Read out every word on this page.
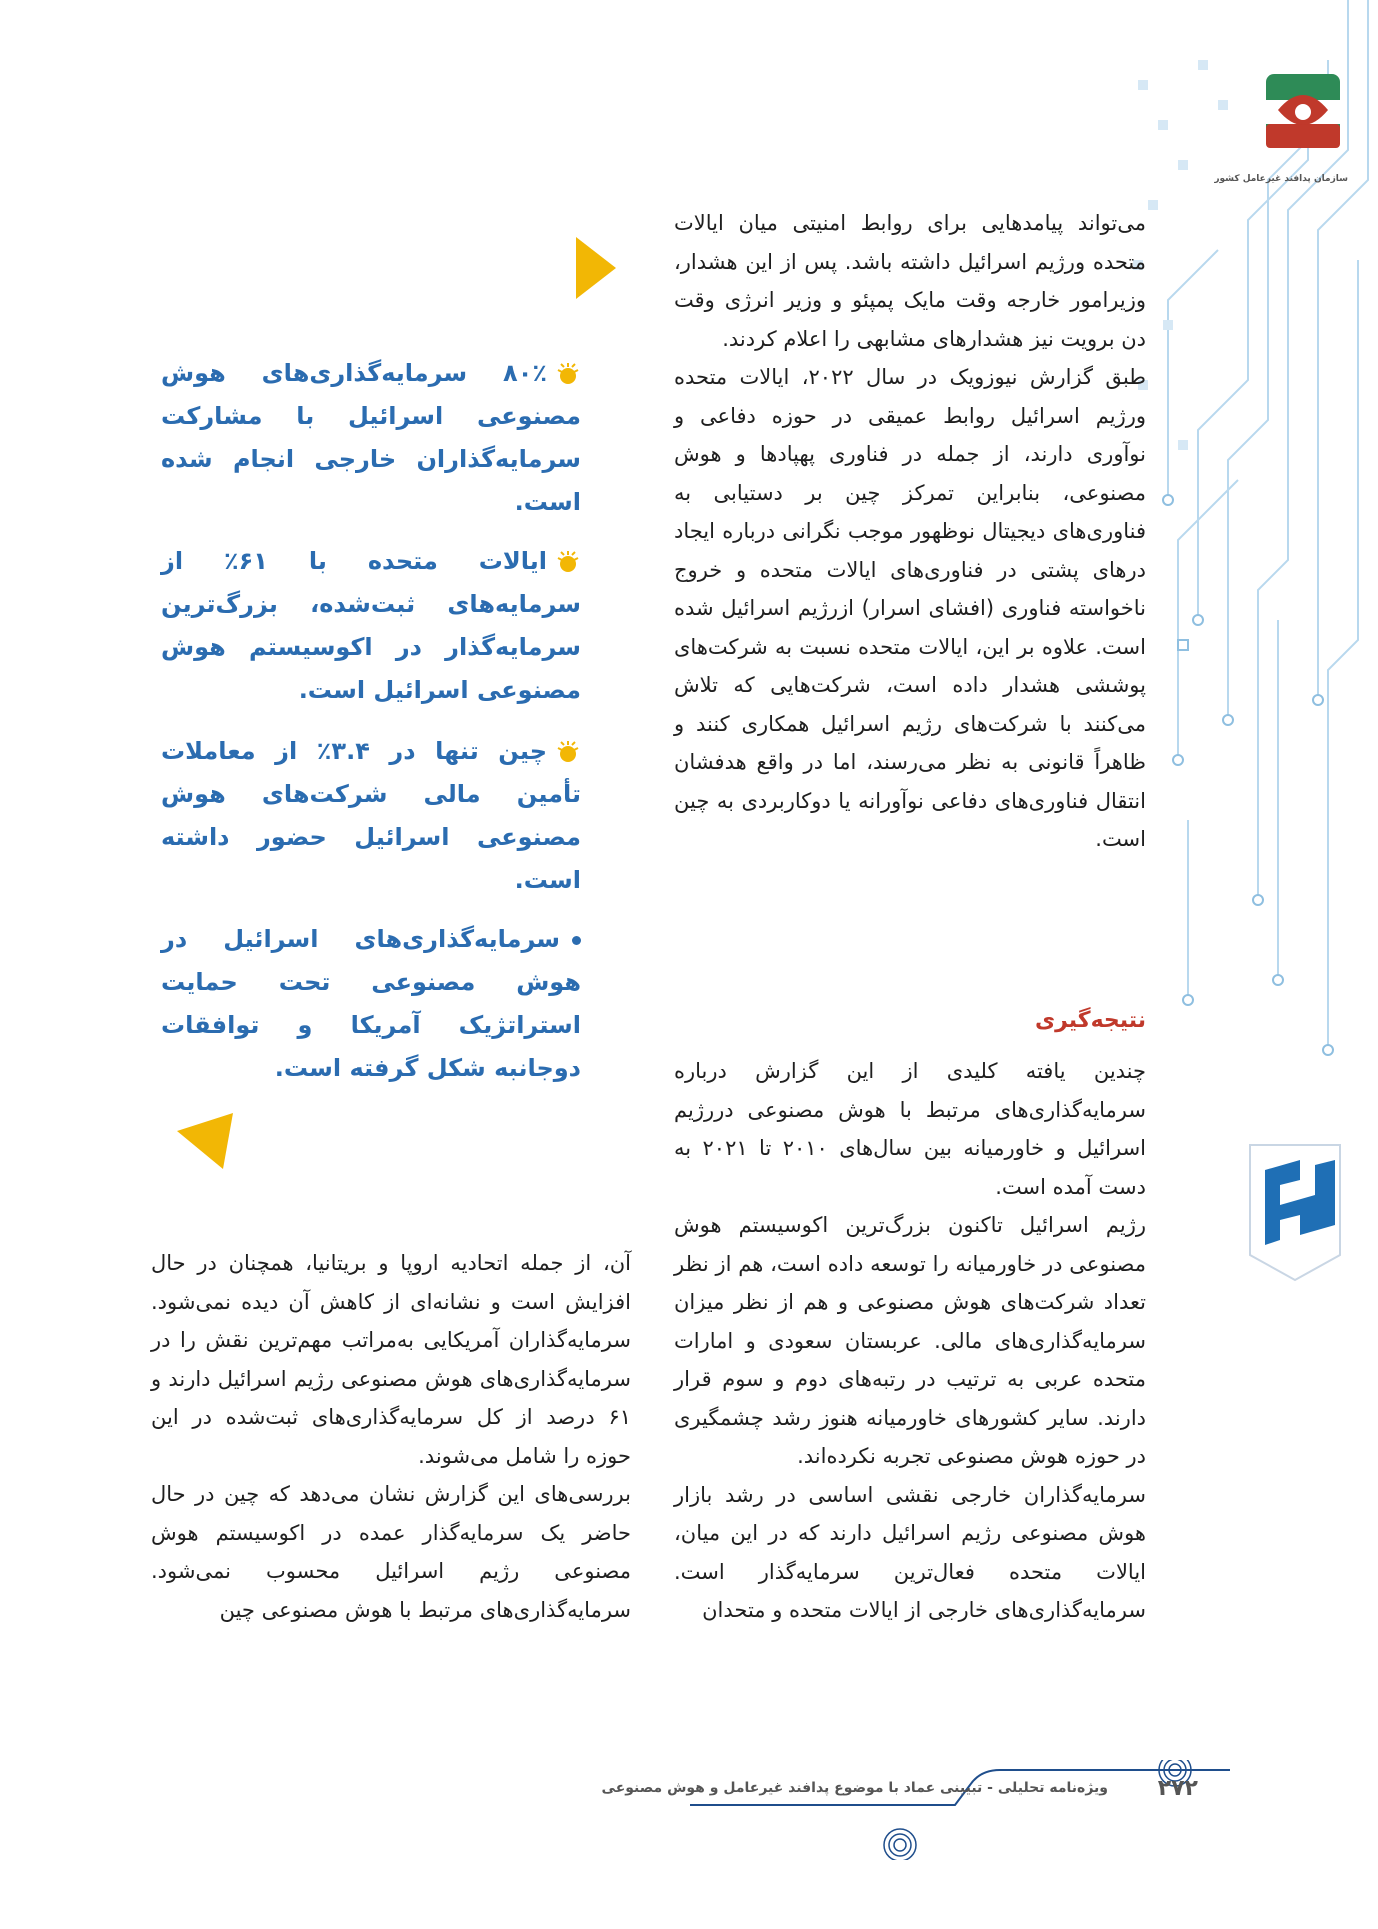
سازمان پدافند غیرعامل کشور

می‌تواند پیامدهایی برای روابط امنیتی میان ایالات متحده ورژیم اسرائیل داشته باشد. پس از این هشدار، وزیرامور خارجه وقت مایک پمپئو و وزیر انرژی وقت دن برویت نیز هشدارهای مشابهی را اعلام کردند.

طبق گزارش نیوزویک در سال ۲۰۲۲، ایالات متحده ورژیم اسرائیل روابط عمیقی در حوزه دفاعی و نوآوری دارند، از جمله در فناوری پهپادها و هوش مصنوعی، بنابراین تمرکز چین بر دستیابی به فناوری‌های دیجیتال نوظهور موجب نگرانی درباره ایجاد درهای پشتی در فناوری‌های ایالات متحده و خروج ناخواسته فناوری (افشای اسرار) ازرژیم اسرائیل شده است. علاوه بر این، ایالات متحده نسبت به شرکت‌های پوششی هشدار داده است، شرکت‌هایی که تلاش می‌کنند با شرکت‌های رژیم اسرائیل همکاری کنند و ظاهراً قانونی به نظر می‌رسند، اما در واقع هدفشان انتقال فناوری‌های دفاعی نوآورانه یا دوکاربردی به چین است.

نتیجه‌گیری

چندین یافته کلیدی از این گزارش درباره سرمایه‌گذاری‌های مرتبط با هوش مصنوعی دررژیم اسرائیل و خاورمیانه بین سال‌های ۲۰۱۰ تا ۲۰۲۱ به دست آمده است.

رژیم اسرائیل تاکنون بزرگ‌ترین اکوسیستم هوش مصنوعی در خاورمیانه را توسعه داده است، هم از نظر تعداد شرکت‌های هوش مصنوعی و هم از نظر میزان سرمایه‌گذاری‌های مالی. عربستان سعودی و امارات متحده عربی به ترتیب در رتبه‌های دوم و سوم قرار دارند. سایر کشورهای خاورمیانه هنوز رشد چشمگیری در حوزه هوش مصنوعی تجربه نکرده‌اند.

سرمایه‌گذاران خارجی نقشی اساسی در رشد بازار هوش مصنوعی رژیم اسرائیل دارند که در این میان، ایالات متحده فعال‌ترین سرمایه‌گذار است. سرمایه‌گذاری‌های خارجی از ایالات متحده و متحدان

۸۰٪ سرمایه‌گذاری‌های هوش مصنوعی اسرائیل با مشارکت سرمایه‌گذاران خارجی انجام شده است.
ایالات متحده با ۶۱٪ از سرمایه‌های ثبت‌شده، بزرگ‌ترین سرمایه‌گذار در اکوسیستم هوش مصنوعی اسرائیل است.
چین تنها در ۳.۴٪ از معاملات تأمین مالی شرکت‌های هوش مصنوعی اسرائیل حضور داشته است.
سرمایه‌گذاری‌های اسرائیل در هوش مصنوعی تحت حمایت استراتژیک آمریکا و توافقات دوجانبه شکل گرفته است.

آن، از جمله اتحادیه اروپا و بریتانیا، همچنان در حال افزایش است و نشانه‌ای از کاهش آن دیده نمی‌شود. سرمایه‌گذاران آمریکایی به‌مراتب مهم‌ترین نقش را در سرمایه‌گذاری‌های هوش مصنوعی رژیم اسرائیل دارند و ۶۱ درصد از کل سرمایه‌گذاری‌های ثبت‌شده در این حوزه را شامل می‌شوند.

بررسی‌های این گزارش نشان می‌دهد که چین در حال حاضر یک سرمایه‌گذار عمده در اکوسیستم هوش مصنوعی رژیم اسرائیل محسوب نمی‌شود. سرمایه‌گذاری‌های مرتبط با هوش مصنوعی چین

۲۷۲
ویژه‌نامه تحلیلی - تبیینی عماد با موضوع پدافند غیرعامل و هوش مصنوعی
